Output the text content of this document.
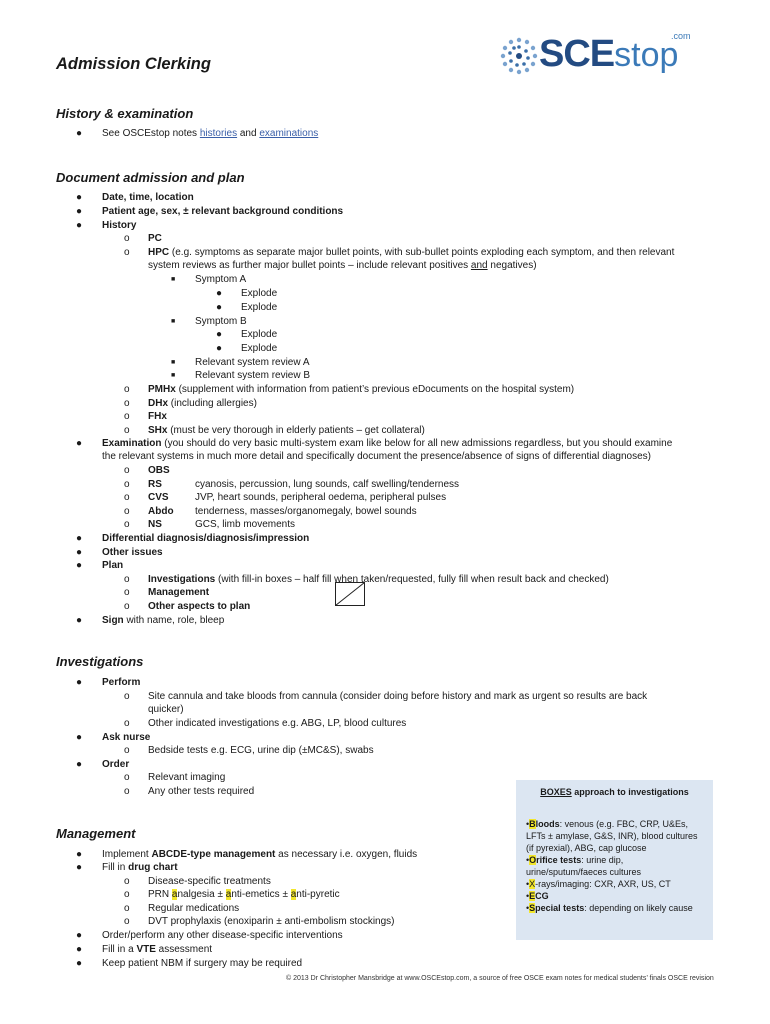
Admission Clerking	SCEstop
.com
History & examination
● See OSCEstop notes histories and examinations
Document admission and plan
● Date, time, location
● Patient age, sex, ± relevant background conditions
● History
o PC
o HPC (e.g. symptoms as separate major bullet points, with sub-bullet points exploding each symptom, and then relevant
system reviews as further major bullet points – include relevant positives and negatives)
■ Symptom A
● Explode
● Explode
■ Symptom B
● Explode
● Explode
■ Relevant system review A
■ Relevant system review B
o PMHx (supplement with information from patient’s previous eDocuments on the hospital system)
o DHx (including allergies)
o FHx
o SHx (must be very thorough in elderly patients – get collateral)
● Examination (you should do very basic multi-system exam like below for all new admissions regardless, but you should examine
the relevant systems in much more detail and specifically document the presence/absence of signs of differential diagnoses)
o OBS
o RS	cyanosis, percussion, lung sounds, calf swelling/tenderness
o CVS	JVP, heart sounds, peripheral oedema, peripheral pulses
o Abdo tenderness, masses/organomegaly, bowel sounds
o NS	GCS, limb movements
● Differential diagnosis/diagnosis/impression
● Other issues
● Plan
o Investigations (with fill-in boxes – half fill when taken/requested, fully fill when result back and checked)
o Management
o Other aspects to plan
● Sign with name, role, bleep
Investigations
● Perform
o Site cannula and take bloods from cannula (consider doing before history and mark as urgent so results are back
quicker)
o Other indicated investigations e.g. ABG, LP, blood cultures
● Ask nurse
o Bedside tests e.g. ECG, urine dip (±MC&S), swabs
● Order
o Relevant imaging
o Any other tests required	BOXES approach to investigations
•Bloods: venous (e.g. FBC, CRP, U&Es,
LFTs ± amylase, G&S, INR), blood cultures
(if pyrexial), ABG, cap glucose
•Orifice tests: urine dip,
urine/sputum/faeces cultures
•X-rays/imaging: CXR, AXR, US, CT
•ECG
•Special tests: depending on likely cause
Management
● Implement ABCDE-type management as necessary i.e. oxygen, fluids
● Fill in drug chart
o Disease-specific treatments
o PRN analgesia ± anti-emetics ± anti-pyretic
o Regular medications
o DVT prophylaxis (enoxiparin ± anti-embolism stockings)
● Order/perform any other disease-specific interventions
● Fill in a VTE assessment
● Keep patient NBM if surgery may be required
© 2013 Dr Christopher Mansbridge at www.OSCEstop.com, a source of free OSCE exam notes for medical students’ finals OSCE revision
